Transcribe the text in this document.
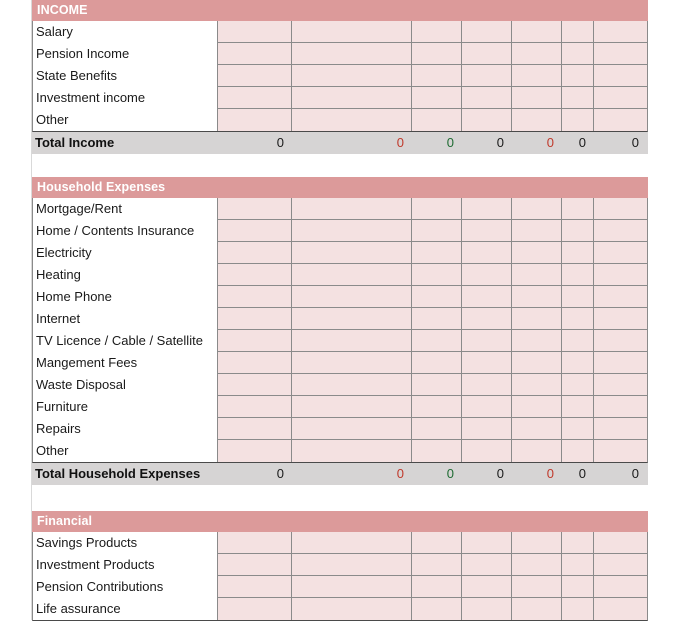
INCOME
Salary
Pension Income
State Benefits
Investment income
Other
Total Income	0	0	0	0	0	0	0
Household Expenses
Mortgage/Rent
Home / Contents Insurance
Electricity
Heating
Home Phone
Internet
TV Licence / Cable / Satellite
Mangement Fees
Waste Disposal
Furniture
Repairs
Other
Total Household Expenses	0	0	0	0	0	0	0
Financial
Savings Products
Investment Products
Pension Contributions
Life assurance
